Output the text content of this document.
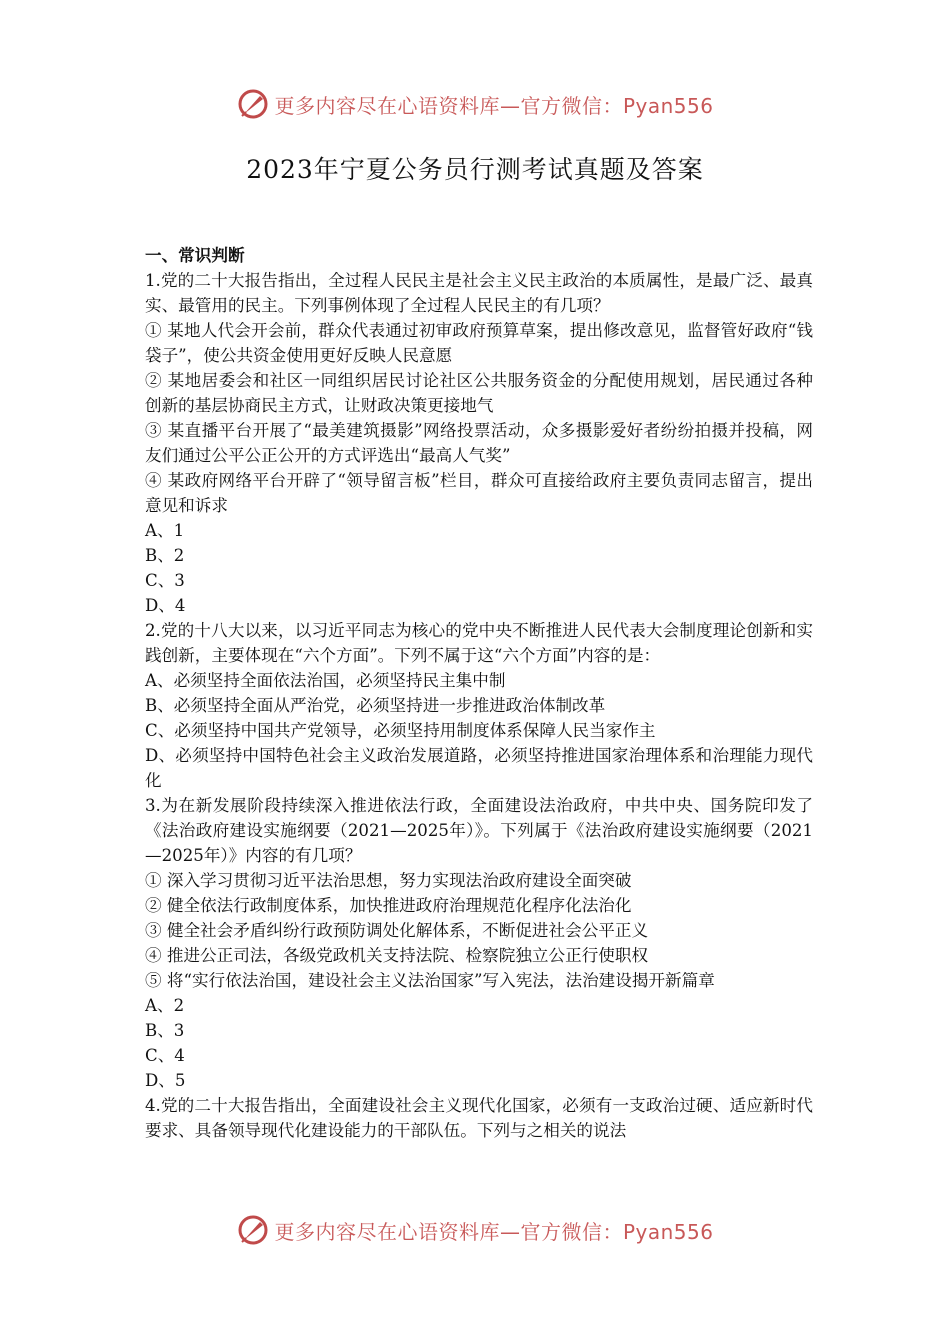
更多内容尽在心语资料库—官方微信：Pyan556
2023年宁夏公务员行测考试真题及答案

一、常识判断

1.党的二十大报告指出，全过程人民民主是社会主义民主政治的本质属性，是最广泛、最真实、最管用的民主。下列事例体现了全过程人民民主的有几项？

① 某地人代会开会前，群众代表通过初审政府预算草案，提出修改意见，监督管好政府“钱袋子”，使公共资金使用更好反映人民意愿

② 某地居委会和社区一同组织居民讨论社区公共服务资金的分配使用规划，居民通过各种创新的基层协商民主方式，让财政决策更接地气

③ 某直播平台开展了“最美建筑摄影”网络投票活动，众多摄影爱好者纷纷拍摄并投稿，网友们通过公平公正公开的方式评选出“最高人气奖”

④ 某政府网络平台开辟了“领导留言板”栏目，群众可直接给政府主要负责同志留言，提出意见和诉求

A、1

B、2

C、3

D、4

2.党的十八大以来，以习近平同志为核心的党中央不断推进人民代表大会制度理论创新和实践创新，主要体现在“六个方面”。下列不属于这“六个方面”内容的是：

A、必须坚持全面依法治国，必须坚持民主集中制

B、必须坚持全面从严治党，必须坚持进一步推进政治体制改革

C、必须坚持中国共产党领导，必须坚持用制度体系保障人民当家作主

D、必须坚持中国特色社会主义政治发展道路，必须坚持推进国家治理体系和治理能力现代化

3.为在新发展阶段持续深入推进依法行政，全面建设法治政府，中共中央、国务院印发了《法治政府建设实施纲要（2021—2025年）》。下列属于《法治政府建设实施纲要（2021—2025年）》内容的有几项？

① 深入学习贯彻习近平法治思想，努力实现法治政府建设全面突破

② 健全依法行政制度体系，加快推进政府治理规范化程序化法治化

③ 健全社会矛盾纠纷行政预防调处化解体系，不断促进社会公平正义

④ 推进公正司法，各级党政机关支持法院、检察院独立公正行使职权

⑤ 将“实行依法治国，建设社会主义法治国家”写入宪法，法治建设揭开新篇章

A、2

B、3

C、4

D、5

4.党的二十大报告指出，全面建设社会主义现代化国家，必须有一支政治过硬、适应新时代要求、具备领导现代化建设能力的干部队伍。下列与之相关的说法

更多内容尽在心语资料库—官方微信：Pyan556
